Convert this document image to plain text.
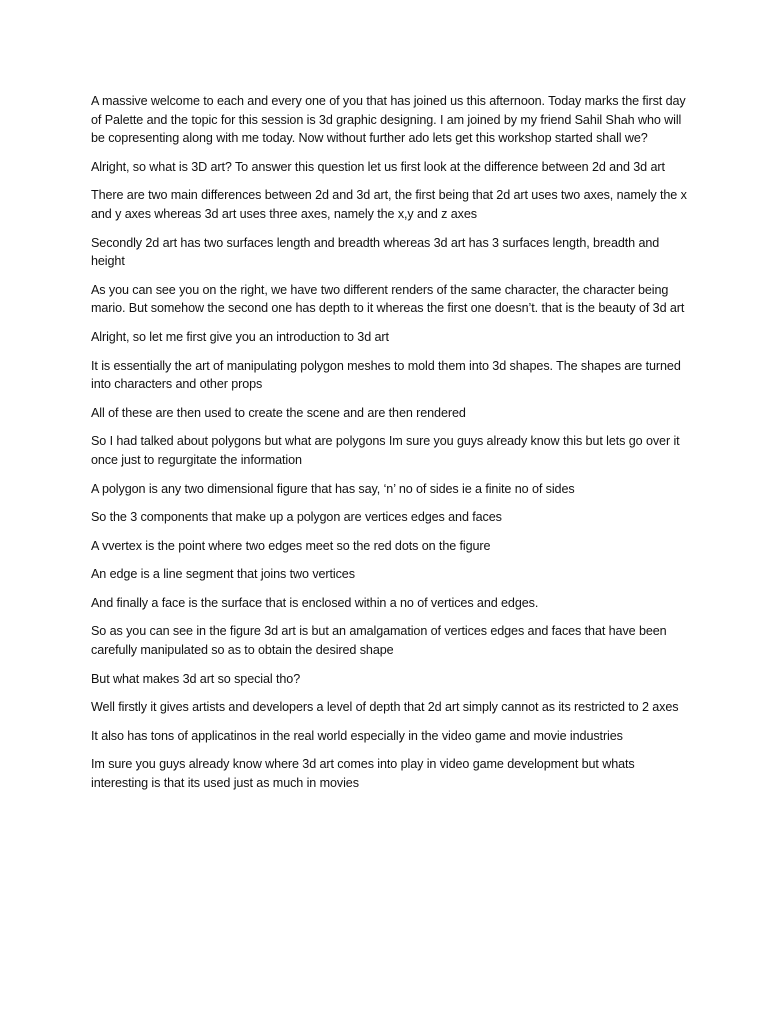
A massive welcome to each and every one of you that has joined us this afternoon. Today marks the first day of Palette and the topic for this session is 3d graphic designing. I am joined by my friend Sahil Shah who will be copresenting along with me today. Now without further ado lets get this workshop started shall we?

Alright, so what is 3D art? To answer this question let us first look at the difference between 2d and 3d art

There are two main differences between 2d and 3d art, the first being that 2d art uses two axes, namely the x and y axes whereas 3d art uses three axes, namely the x,y and z axes

Secondly 2d art has two surfaces length and breadth whereas 3d art has 3 surfaces length, breadth and height

As you can see you on the right, we have two different renders of the same character, the character being mario. But somehow the second one has depth to it whereas the first one doesn’t. that is the beauty of 3d art

Alright, so let me first give you an introduction to 3d art

It is essentially the art of manipulating polygon meshes to mold them into 3d shapes. The shapes are turned into characters and other props

All of these are then used to create the scene and are then rendered

So I had talked about polygons but what are polygons Im sure you guys already know this but lets go over it once just to regurgitate the information

A polygon is any two dimensional figure that has say, ‘n’ no of sides ie a finite no of sides

So the 3 components that make up a polygon are vertices edges and faces

A vvertex is the point where two edges meet so the red dots on the figure

An edge is a line segment that joins two vertices

And finally a face is the surface that is enclosed within a no of vertices and edges.

So as you can see in the figure 3d art is but an amalgamation of vertices edges and faces that have been carefully manipulated so as to obtain the desired shape

But what makes 3d art so special tho?

Well firstly it gives artists and developers a level of depth that 2d art simply cannot as its restricted to 2 axes

It also has tons of applicatinos in the real world especially in the video game and movie industries

Im sure you guys already know where 3d art comes into play in video game development but whats interesting is that its used just as much in movies
